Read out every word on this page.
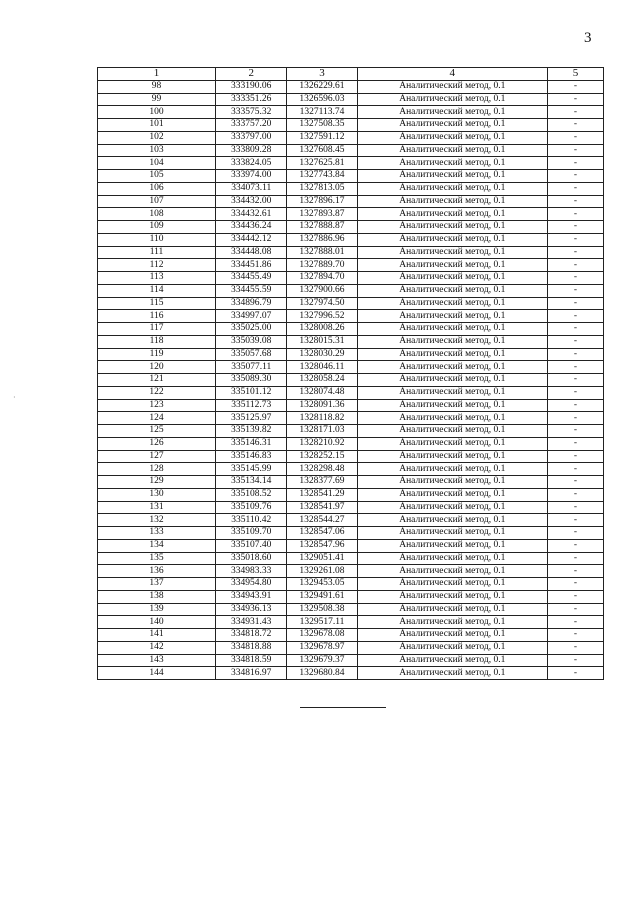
3
·
1	2	3	4	5
98	333190.06	1326229.61	Аналитический метод, 0.1	-
99	333351.26	1326596.03	Аналитический метод, 0.1	-
100	333575.32	1327113.74	Аналитический метод, 0.1	-
101	333757.20	1327508.35	Аналитический метод, 0.1	-
102	333797.00	1327591.12	Аналитический метод, 0.1	-
103	333809.28	1327608.45	Аналитический метод, 0.1	-
104	333824.05	1327625.81	Аналитический метод, 0.1	-
105	333974.00	1327743.84	Аналитический метод, 0.1	-
106	334073.11	1327813.05	Аналитический метод, 0.1	-
107	334432.00	1327896.17	Аналитический метод, 0.1	-
108	334432.61	1327893.87	Аналитический метод, 0.1	-
109	334436.24	1327888.87	Аналитический метод, 0.1	-
110	334442.12	1327886.96	Аналитический метод, 0.1	-
111	334448.08	1327888.01	Аналитический метод, 0.1	-
112	334451.86	1327889.70	Аналитический метод, 0.1	-
113	334455.49	1327894.70	Аналитический метод, 0.1	-
114	334455.59	1327900.66	Аналитический метод, 0.1	-
115	334896.79	1327974.50	Аналитический метод, 0.1	-
116	334997.07	1327996.52	Аналитический метод, 0.1	-
117	335025.00	1328008.26	Аналитический метод, 0.1	-
118	335039.08	1328015.31	Аналитический метод, 0.1	-
119	335057.68	1328030.29	Аналитический метод, 0.1	-
120	335077.11	1328046.11	Аналитический метод, 0.1	-
121	335089.30	1328058.24	Аналитический метод, 0.1	-
122	335101.12	1328074.48	Аналитический метод, 0.1	-
123	335112.73	1328091.36	Аналитический метод, 0.1	-
124	335125.97	1328118.82	Аналитический метод, 0.1	-
125	335139.82	1328171.03	Аналитический метод, 0.1	-
126	335146.31	1328210.92	Аналитический метод, 0.1	-
127	335146.83	1328252.15	Аналитический метод, 0.1	-
128	335145.99	1328298.48	Аналитический метод, 0.1	-
129	335134.14	1328377.69	Аналитический метод, 0.1	-
130	335108.52	1328541.29	Аналитический метод, 0.1	-
131	335109.76	1328541.97	Аналитический метод, 0.1	-
132	335110.42	1328544.27	Аналитический метод, 0.1	-
133	335109.70	1328547.06	Аналитический метод, 0.1	-
134	335107.40	1328547.96	Аналитический метод, 0.1	-
135	335018.60	1329051.41	Аналитический метод, 0.1	-
136	334983.33	1329261.08	Аналитический метод, 0.1	-
137	334954.80	1329453.05	Аналитический метод, 0.1	-
138	334943.91	1329491.61	Аналитический метод, 0.1	-
139	334936.13	1329508.38	Аналитический метод, 0.1	-
140	334931.43	1329517.11	Аналитический метод, 0.1	-
141	334818.72	1329678.08	Аналитический метод, 0.1	-
142	334818.88	1329678.97	Аналитический метод, 0.1	-
143	334818.59	1329679.37	Аналитический метод, 0.1	-
144	334816.97	1329680.84	Аналитический метод, 0.1	-
